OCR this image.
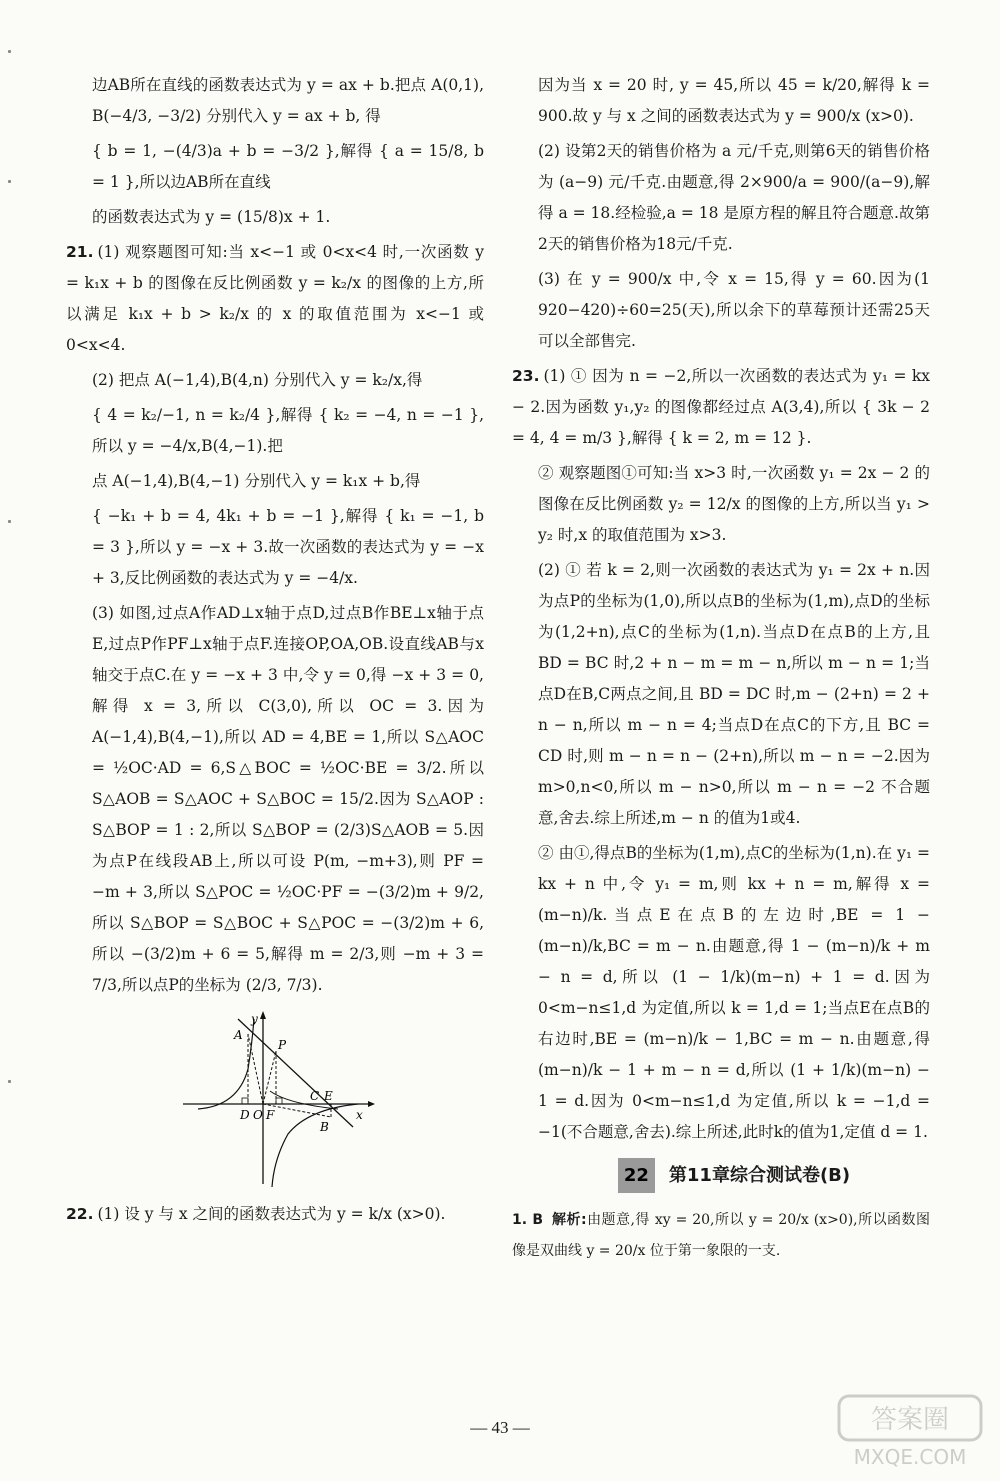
边AB所在直线的函数表达式为 y = ax + b.把点 A(0,1), B(−4/3, −3/2) 分别代入 y = ax + b, 得

{ b = 1, −(4/3)a + b = −3/2 },解得 { a = 15/8, b = 1 },所以边AB所在直线

的函数表达式为 y = (15/8)x + 1.

21. (1) 观察题图可知:当 x<−1 或 0<x<4 时,一次函数 y = k₁x + b 的图像在反比例函数 y = k₂/x 的图像的上方,所以满足 k₁x + b > k₂/x 的 x 的取值范围为 x<−1 或 0<x<4.

(2) 把点 A(−1,4),B(4,n) 分别代入 y = k₂/x,得

{ 4 = k₂/−1, n = k₂/4 },解得 { k₂ = −4, n = −1 },所以 y = −4/x,B(4,−1).把

点 A(−1,4),B(4,−1) 分别代入 y = k₁x + b,得

{ −k₁ + b = 4, 4k₁ + b = −1 },解得 { k₁ = −1, b = 3 },所以 y = −x + 3.故一次函数的表达式为 y = −x + 3,反比例函数的表达式为 y = −4/x.

(3) 如图,过点A作AD⊥x轴于点D,过点B作BE⊥x轴于点E,过点P作PF⊥x轴于点F.连接OP,OA,OB.设直线AB与x轴交于点C.在 y = −x + 3 中,令 y = 0,得 −x + 3 = 0,解得 x = 3,所以 C(3,0),所以 OC = 3.因为 A(−1,4),B(4,−1),所以 AD = 4,BE = 1,所以 S△AOC = ½OC·AD = 6,S△BOC = ½OC·BE = 3/2.所以 S△AOB = S△AOC + S△BOC = 15/2.因为 S△AOP : S△BOP = 1 : 2,所以 S△BOP = (2/3)S△AOB = 5.因为点P在线段AB上,所以可设 P(m, −m+3),则 PF = −m + 3,所以 S△POC = ½OC·PF = −(3/2)m + 9/2,所以 S△BOP = S△BOC + S△POC = −(3/2)m + 6,所以 −(3/2)m + 6 = 5,解得 m = 2/3,则 −m + 3 = 7/3,所以点P的坐标为 (2/3, 7/3).

y
A
P
D O F
C E
B
x

22. (1) 设 y 与 x 之间的函数表达式为 y = k/x (x>0).

因为当 x = 20 时, y = 45,所以 45 = k/20,解得 k = 900.故 y 与 x 之间的函数表达式为 y = 900/x (x>0).

(2) 设第2天的销售价格为 a 元/千克,则第6天的销售价格为 (a−9) 元/千克.由题意,得 2×900/a = 900/(a−9),解得 a = 18.经检验,a = 18 是原方程的解且符合题意.故第2天的销售价格为18元/千克.

(3) 在 y = 900/x 中,令 x = 15,得 y = 60.因为(1 920−420)÷60=25(天),所以余下的草莓预计还需25天可以全部售完.

23. (1) ① 因为 n = −2,所以一次函数的表达式为 y₁ = kx − 2.因为函数 y₁,y₂ 的图像都经过点 A(3,4),所以 { 3k − 2 = 4, 4 = m/3 },解得 { k = 2, m = 12 }.

② 观察题图①可知:当 x>3 时,一次函数 y₁ = 2x − 2 的图像在反比例函数 y₂ = 12/x 的图像的上方,所以当 y₁ > y₂ 时,x 的取值范围为 x>3.

(2) ① 若 k = 2,则一次函数的表达式为 y₁ = 2x + n.因为点P的坐标为(1,0),所以点B的坐标为(1,m),点D的坐标为(1,2+n),点C的坐标为(1,n).当点D在点B的上方,且 BD = BC 时,2 + n − m = m − n,所以 m − n = 1;当点D在B,C两点之间,且 BD = DC 时,m − (2+n) = 2 + n − n,所以 m − n = 4;当点D在点C的下方,且 BC = CD 时,则 m − n = n − (2+n),所以 m − n = −2.因为 m>0,n<0,所以 m − n>0,所以 m − n = −2 不合题意,舍去.综上所述,m − n 的值为1或4.

② 由①,得点B的坐标为(1,m),点C的坐标为(1,n).在 y₁ = kx + n 中,令 y₁ = m,则 kx + n = m,解得 x = (m−n)/k.当点E在点B的左边时,BE = 1 − (m−n)/k,BC = m − n.由题意,得 1 − (m−n)/k + m − n = d,所以 (1 − 1/k)(m−n) + 1 = d.因为 0<m−n≤1,d 为定值,所以 k = 1,d = 1;当点E在点B的右边时,BE = (m−n)/k − 1,BC = m − n.由题意,得 (m−n)/k − 1 + m − n = d,所以 (1 + 1/k)(m−n) − 1 = d.因为 0<m−n≤1,d 为定值,所以 k = −1,d = −1(不合题意,舍去).综上所述,此时k的值为1,定值 d = 1.

22	第11章综合测试卷(B)

1. B 解析:由题意,得 xy = 20,所以 y = 20/x (x>0),所以函数图像是双曲线 y = 20/x 位于第一象限的一支.

— 43 —	答案圈
MXQE.COM
